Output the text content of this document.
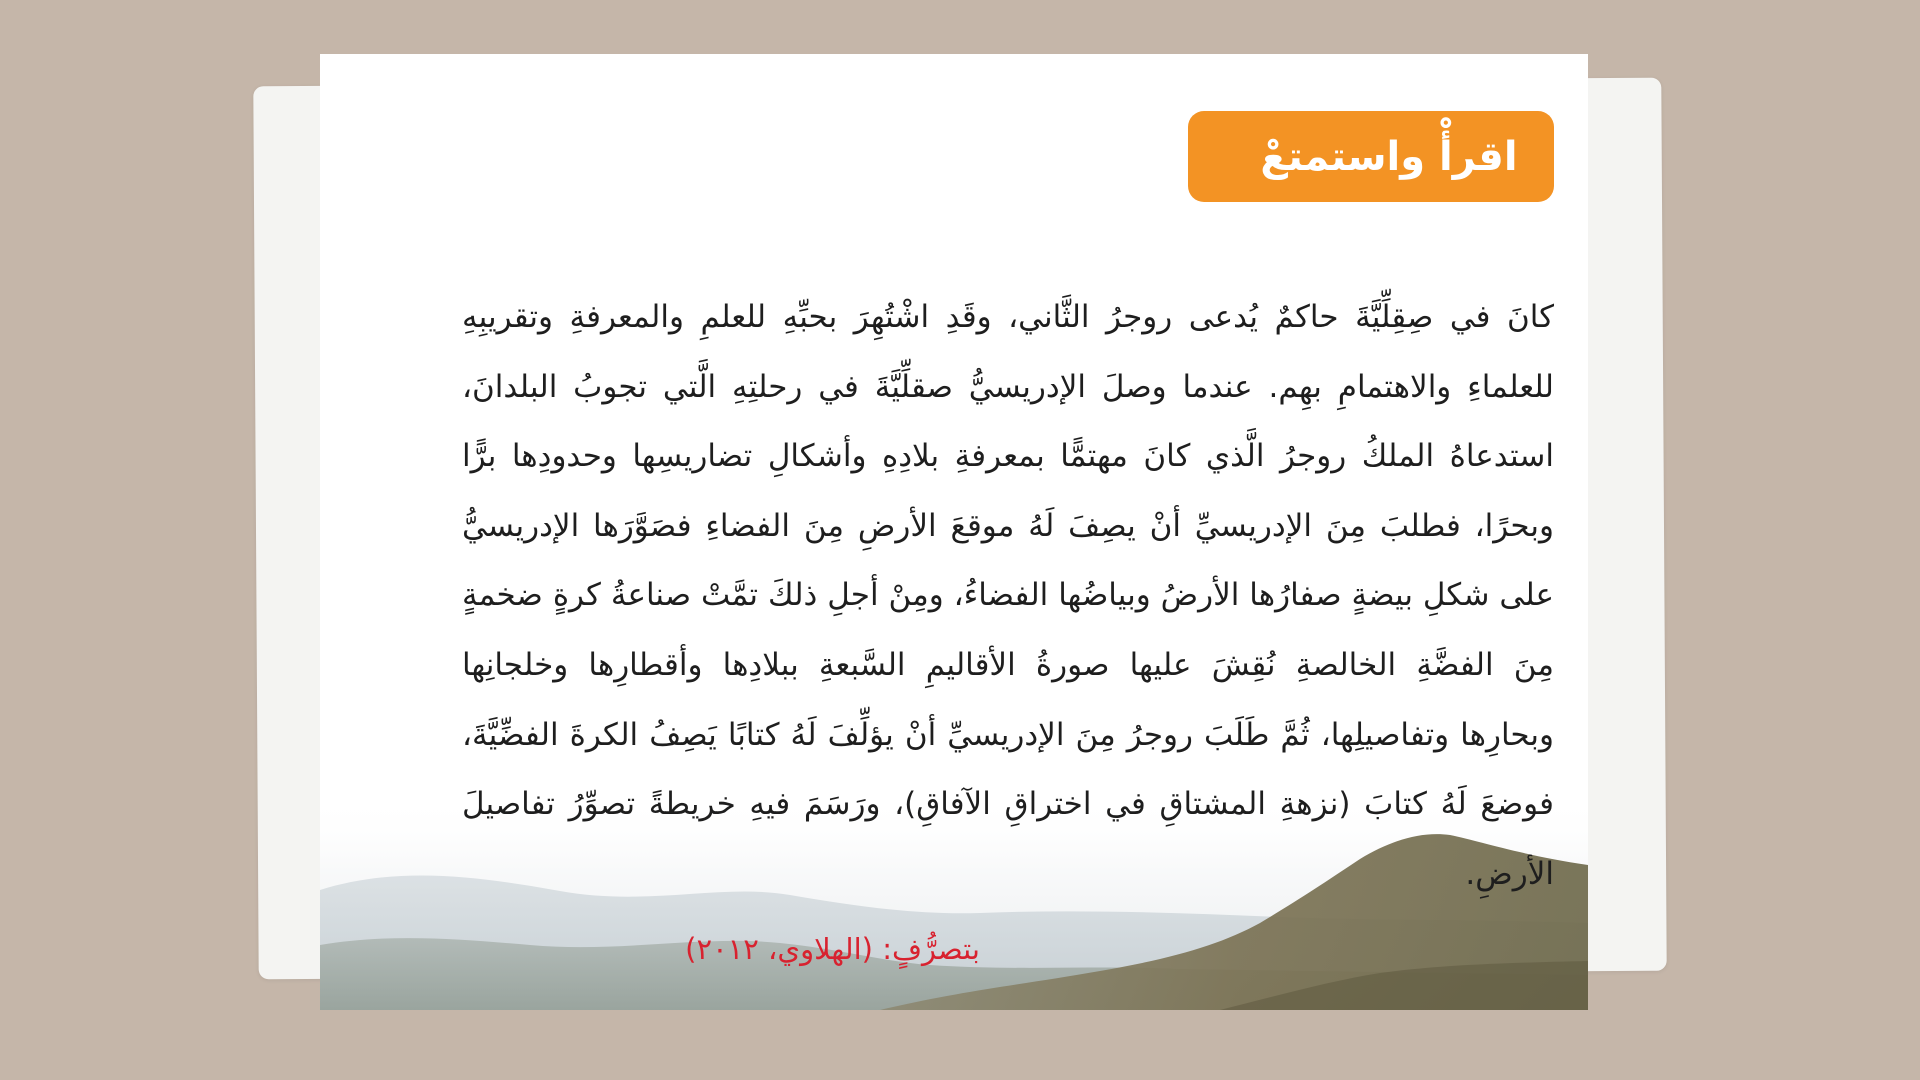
اقرأْ واستمتعْ

كانَ في صِقِلِّيَّةَ حاكمٌ يُدعى روجرُ الثَّاني، وقَدِ اشْتُهِرَ بحبِّهِ للعلمِ والمعرفةِ وتقريبِهِ للعلماءِ والاهتمامِ بهِم. عندما وصلَ الإدريسيُّ صقلِّيَّةَ في رحلتِهِ الَّتي تجوبُ البلدانَ، استدعاهُ الملكُ روجرُ الَّذي كانَ مهتمًّا بمعرفةِ بلادِهِ وأشكالِ تضاريسِها وحدودِها برًّا وبحرًا، فطلبَ مِنَ الإدريسيِّ أنْ يصِفَ لَهُ موقعَ الأرضِ مِنَ الفضاءِ فصَوَّرَها الإدريسيُّ على شكلِ بيضةٍ صفارُها الأرضُ وبياضُها الفضاءُ، ومِنْ أجلِ ذلكَ تمَّتْ صناعةُ كرةٍ ضخمةٍ مِنَ الفضَّةِ الخالصةِ نُقِشَ عليها صورةُ الأقاليمِ السَّبعةِ ببلادِها وأقطارِها وخلجانِها وبحارِها وتفاصيلِها، ثُمَّ طَلَبَ روجرُ مِنَ الإدريسيِّ أنْ يؤلِّفَ لَهُ كتابًا يَصِفُ الكرةَ الفضِّيَّةَ، فوضعَ لَهُ كتابَ (نزهةِ المشتاقِ في اختراقِ الآفاقِ)، ورَسَمَ فيهِ خريطةً تصوِّرُ تفاصيلَ الأرضِ.

بتصرُّفٍ: (الهلاوي، ٢٠١٢)
